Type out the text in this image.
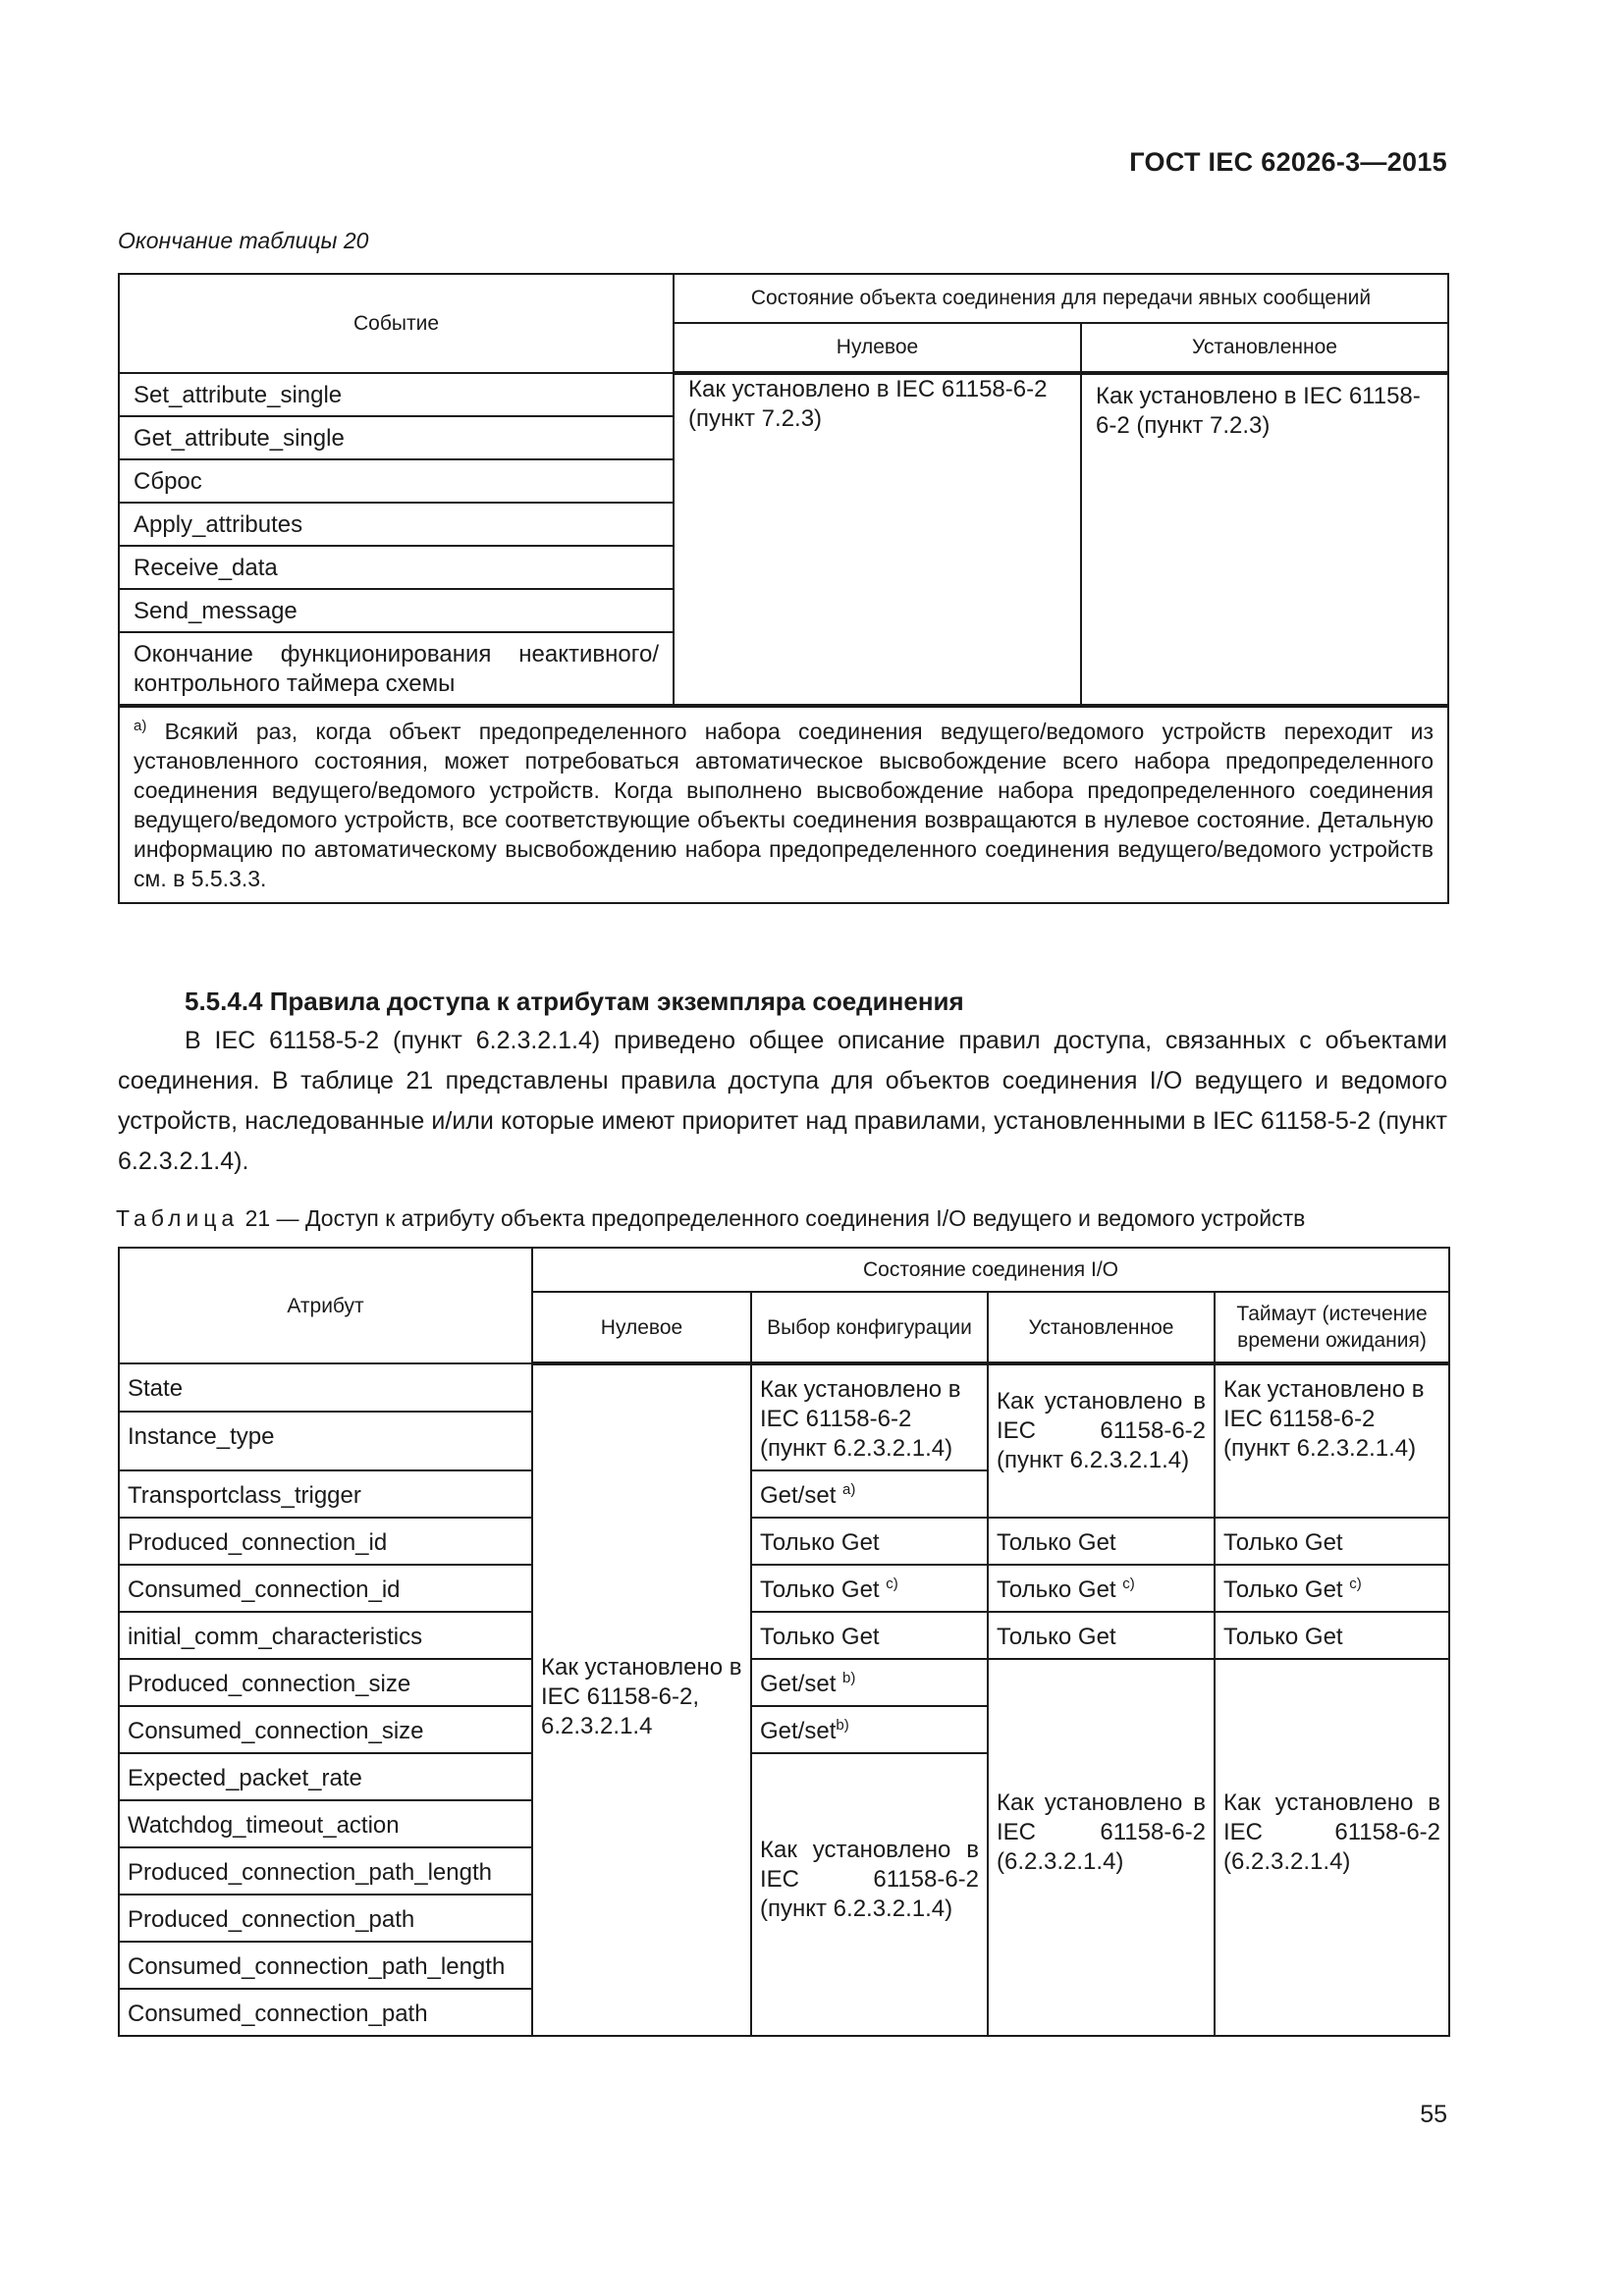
ГОСТ IEC 62026-3—2015
Окончание таблицы 20
Событие	Состояние объекта соединения для передачи явных сообщений	
	Нулевое	Установленное
Set_attribute_single	Как установлено в IEC 61158-6-2 (пункт 7.2.3)	Как установлено в IEC 61158-6-2 (пункт 7.2.3)
Get_attribute_single		
Сброс		
Apply_attributes		
Receive_data		
Send_message		
Окончание функционирования неактивного/ контрольного таймера схемы		
$^{a)}$ Всякий раз, когда объект предопределенного набора соединения ведущего/ведомого устройств переходит из установленного состояния, может потребоваться автоматическое высвобождение всего набора предопределенного соединения ведущего/ведомого устройств. Когда выполнено высвобождение набора предопределенного соединения ведущего/ведомого устройств, все соответствующие объекты соединения возвращаются в нулевое состояние. Детальную информацию по автоматическому высвобождению набора предопределенного соединения ведущего/ведомого устройств см. в 5.5.3.3.		
5.5.4.4 Правила доступа к атрибутам экземпляра соединения
В IEC 61158-5-2 (пункт 6.2.3.2.1.4) приведено общее описание правил доступа, связанных с объектами соединения. В таблице 21 представлены правила доступа для объектов соединения I/O ведущего и ведомого устройств, наследованные и/или которые имеют приоритет над правилами, установленными в IEC 61158-5-2 (пункт 6.2.3.2.1.4).
Таблица 21 — Доступ к атрибуту объекта предопределенного соединения I/O ведущего и ведомого устройств
Атрибут	Состояние соединения I/O			
	Нулевое	Выбор конфигурации	Установленное	Таймаут (истечение времени ожидания)
State	Как установлено в IEC 61158-6-2, 6.2.3.2.1.4	Как установлено в IEC 61158-6-2 (пункт 6.2.3.2.1.4)	Как установлено в IEC 61158-6-2 (пункт 6.2.3.2.1.4)	Как установлено в IEC 61158-6-2 (пункт 6.2.3.2.1.4)
Instance_type				
Transportclass_trigger		Get/set $^{a)}$
Produced_connection_id		Только Get	Только Get	Только Get
Consumed_connection_id		Только Get $^{c)}$	Только Get $^{c)}$	Только Get $^{c)}$
initial_comm_characteristics		Только Get	Только Get	Только Get
Produced_connection_size		Get/set $^{b)}$	Как установлено в IEC 61158-6-2 (6.2.3.2.1.4)	Как установлено в IEC 61158-6-2 (6.2.3.2.1.4)
Consumed_connection_size		Get/set$^{b)}$
Expected_packet_rate		Как установлено в IEC 61158-6-2 (пункт 6.2.3.2.1.4)		
Watchdog_timeout_action				
Produced_connection_path_length				
Produced_connection_path				
Consumed_connection_path_length				
Consumed_connection_path				
55
